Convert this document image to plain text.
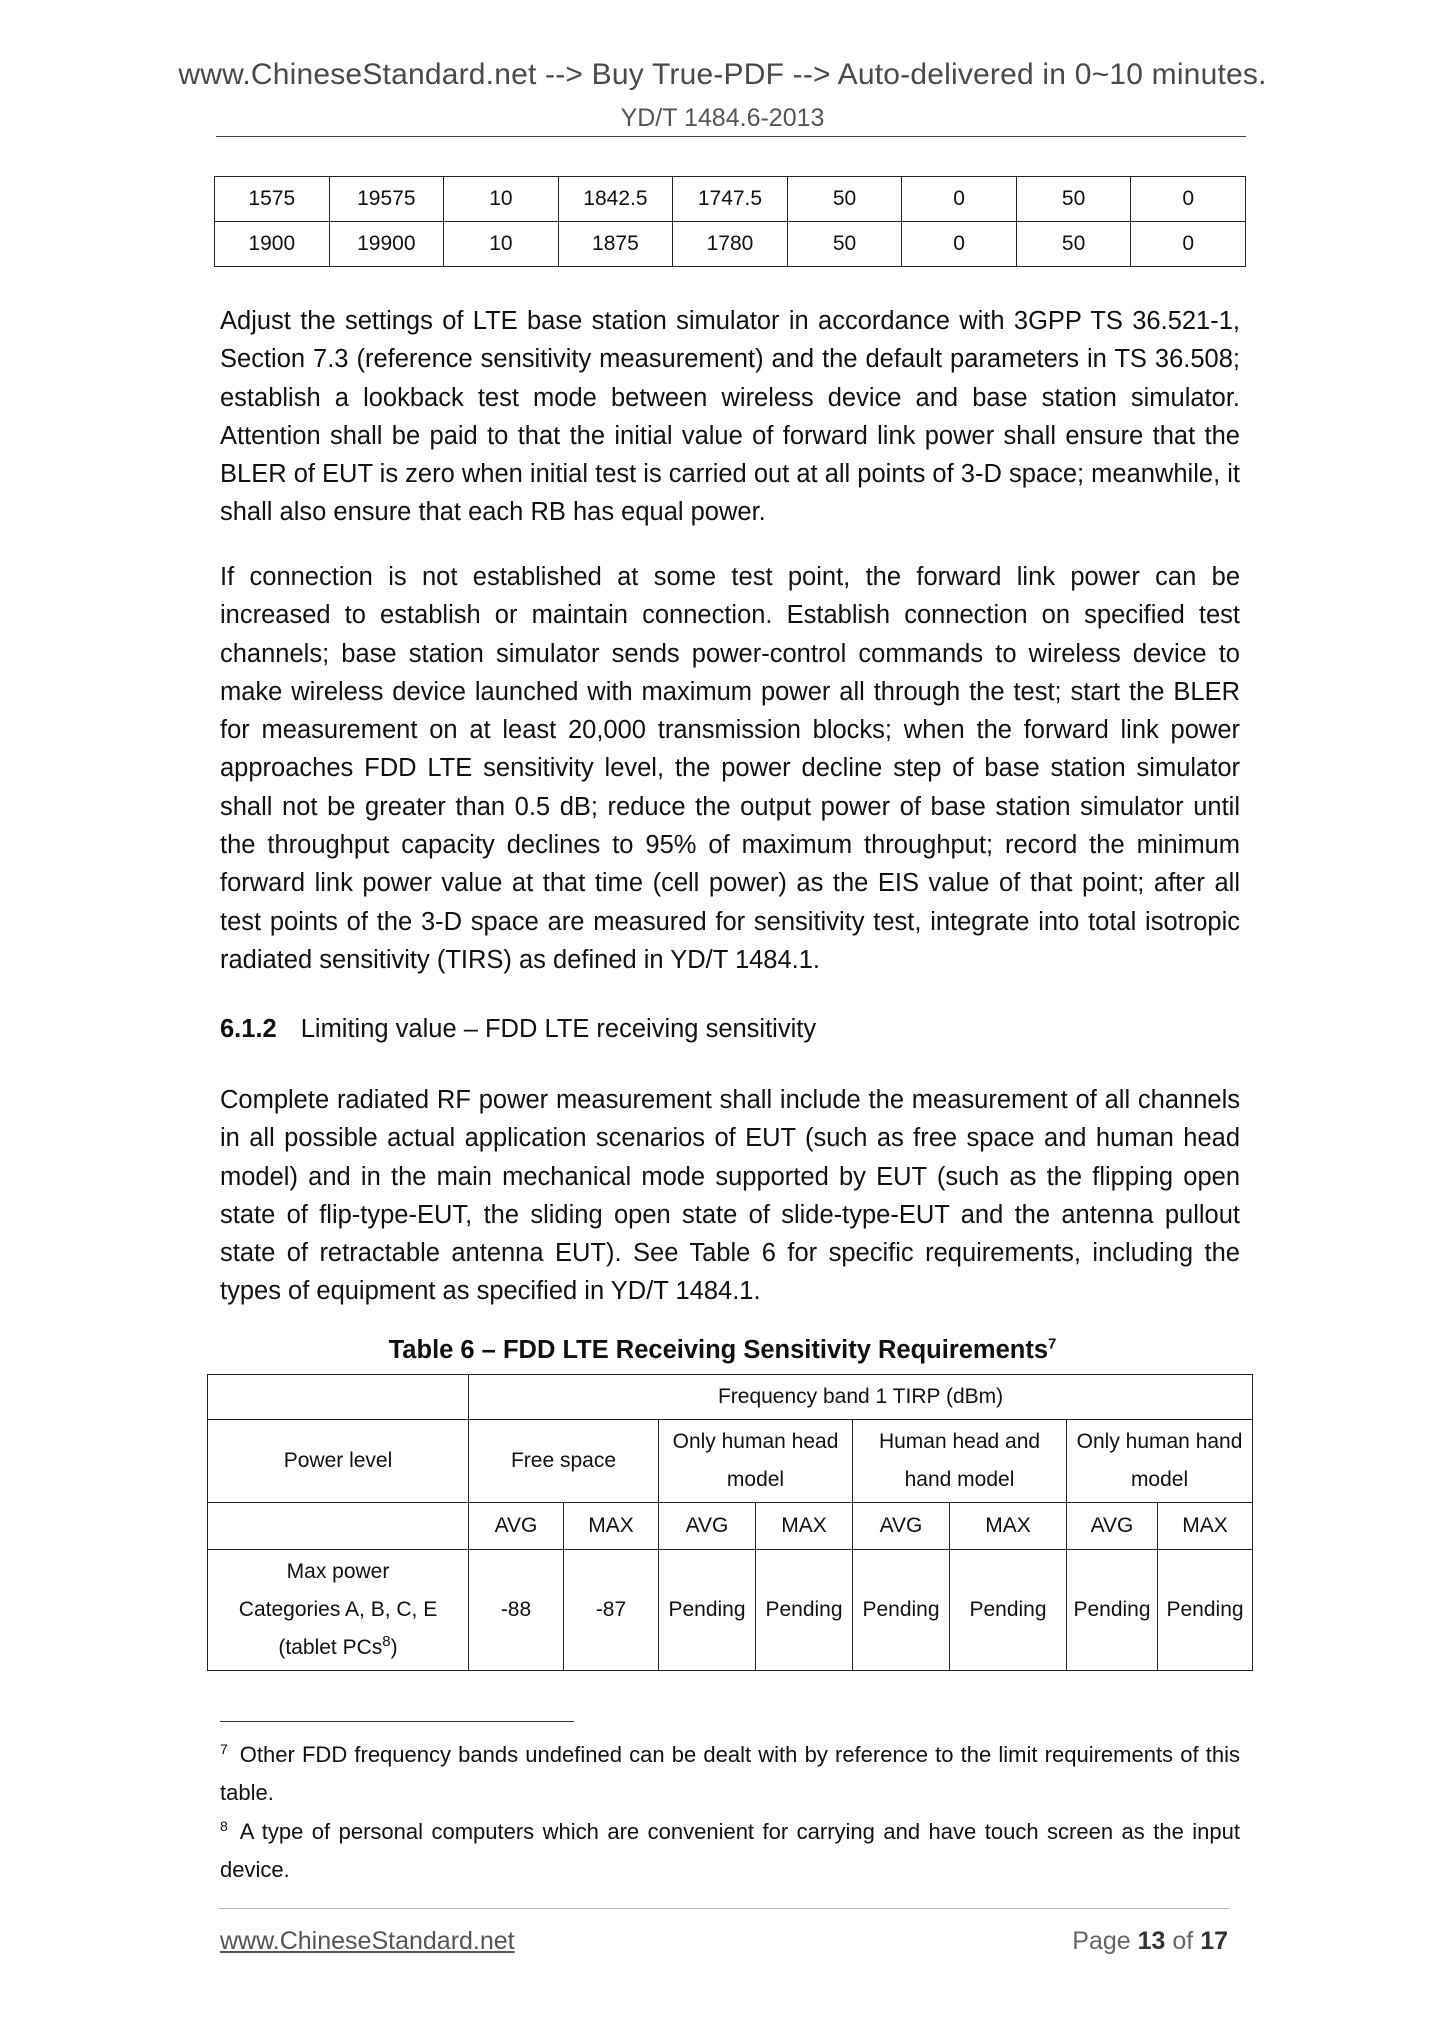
www.ChineseStandard.net --> Buy True-PDF --> Auto-delivered in 0~10 minutes.
YD/T 1484.6-2013
1575	19575	10	1842.5	1747.5	50	0	50	0
1900	19900	10	1875	1780	50	0	50	0

Adjust the settings of LTE base station simulator in accordance with 3GPP TS 36.521-1, Section 7.3 (reference sensitivity measurement) and the default parameters in TS 36.508; establish a lookback test mode between wireless device and base station simulator. Attention shall be paid to that the initial value of forward link power shall ensure that the BLER of EUT is zero when initial test is carried out at all points of 3-D space; meanwhile, it shall also ensure that each RB has equal power.

If connection is not established at some test point, the forward link power can be increased to establish or maintain connection. Establish connection on specified test channels; base station simulator sends power-control commands to wireless device to make wireless device launched with maximum power all through the test; start the BLER for measurement on at least 20,000 transmission blocks; when the forward link power approaches FDD LTE sensitivity level, the power decline step of base station simulator shall not be greater than 0.5 dB; reduce the output power of base station simulator until the throughput capacity declines to 95% of maximum throughput; record the minimum forward link power value at that time (cell power) as the EIS value of that point; after all test points of the 3-D space are measured for sensitivity test, integrate into total isotropic radiated sensitivity (TIRS) as defined in YD/T 1484.1.

6.1.2 Limiting value – FDD LTE receiving sensitivity

Complete radiated RF power measurement shall include the measurement of all channels in all possible actual application scenarios of EUT (such as free space and human head model) and in the main mechanical mode supported by EUT (such as the flipping open state of flip-type-EUT, the sliding open state of slide-type-EUT and the antenna pullout state of retractable antenna EUT). See Table 6 for specific requirements, including the types of equipment as specified in YD/T 1484.1.

Table 6 – FDD LTE Receiving Sensitivity Requirements$^7$
	Frequency band 1 TIRP (dBm)							
Power level	Free space		Only human head model		Human head and hand model		Only human hand model	
	AVG	MAX	AVG	MAX	AVG	MAX	AVG	MAX

Max power
Categories A, B, C, E
(tablet PCs$^8$)	-88	-87	Pending	Pending	Pending	Pending	Pending	Pending

$^7$ Other FDD frequency bands undefined can be dealt with by reference to the limit requirements of this table.

$^8$ A type of personal computers which are convenient for carrying and have touch screen as the input device.

www.ChineseStandard.net	Page 13 of 17
